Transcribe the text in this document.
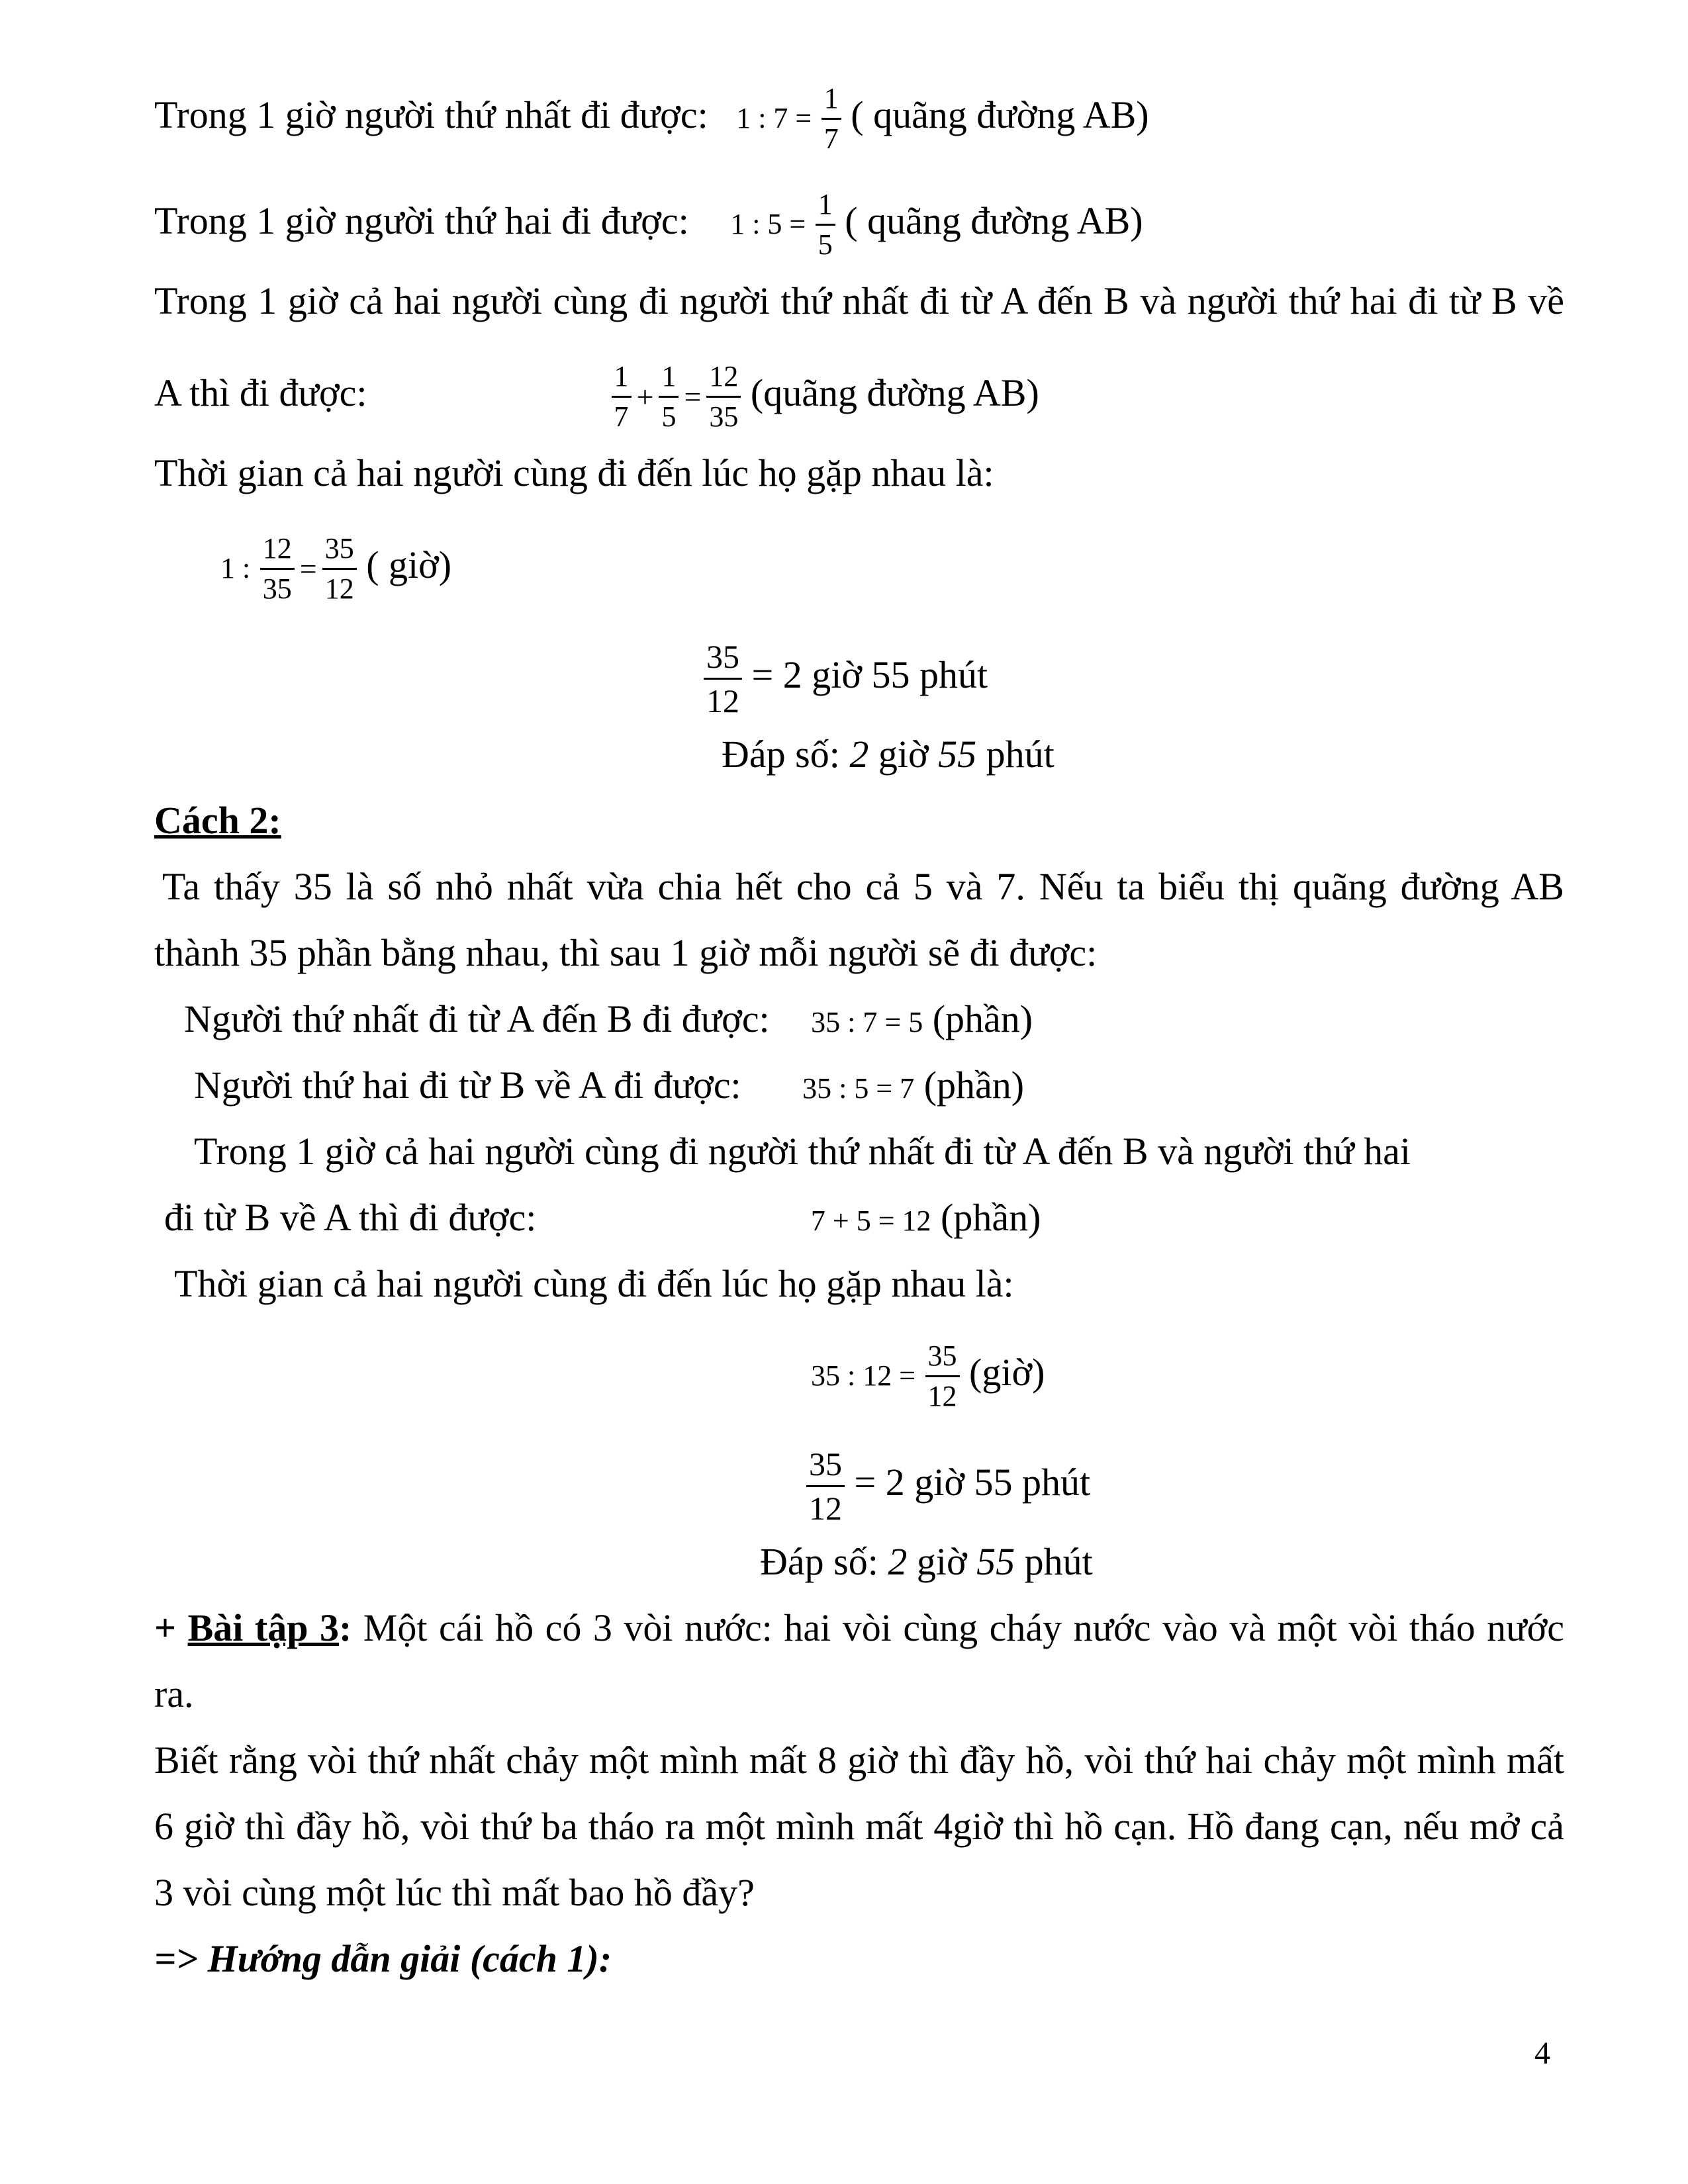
Trong 1 giờ người thứ nhất đi được: 1 : $7 = \frac{1}{7}$ ( quãng đường AB)
Trong 1 giờ người thứ hai đi được: 1 : $5 = \frac{1}{5}$ ( quãng đường AB)
Trong 1 giờ cả hai người cùng đi người thứ nhất đi từ A đến B và người thứ hai đi từ B về
A thì đi được:	$\frac{1}{7} + \frac{1}{5} = \frac{12}{35}$ (quãng đường AB)
Thời gian cả hai người cùng đi đến lúc họ gặp nhau là:
1 : $\frac{12}{35} = \frac{35}{12}$ ( giờ)
$\frac{35}{12} = 2$ giờ 55 phút
Đáp số: 2 giờ 55 phút
Cách 2:
Ta thấy 35 là số nhỏ nhất vừa chia hết cho cả 5 và 7. Nếu ta biểu thị quãng đường AB
thành 35 phần bằng nhau, thì sau 1 giờ mỗi người sẽ đi được:
Người thứ nhất đi từ A đến B đi được: 35 : 7 = 5 (phần)
Người thứ hai đi từ B về A đi được: 35 : 5 = 7 (phần)
Trong 1 giờ cả hai người cùng đi người thứ nhất đi từ A đến B và người thứ hai
đi từ B về A thì đi được:	7 + 5 = 12 (phần)
Thời gian cả hai người cùng đi đến lúc họ gặp nhau là:
35 : $12 = \frac{35}{12}$ (giờ)
$\frac{35}{12} = 2$ giờ 55 phút
Đáp số: 2 giờ 55 phút
+ Bài tập 3: Một cái hồ có 3 vòi nước: hai vòi cùng cháy nước vào và một vòi tháo nước
ra.
Biết rằng vòi thứ nhất chảy một mình mất 8 giờ thì đầy hồ, vòi thứ hai chảy một mình mất
6 giờ thì đầy hồ, vòi thứ ba tháo ra một mình mất 4giờ thì hồ cạn. Hồ đang cạn, nếu mở cả
3 vòi cùng một lúc thì mất bao hồ đầy?
=> Hướng dẫn giải (cách 1):
4
